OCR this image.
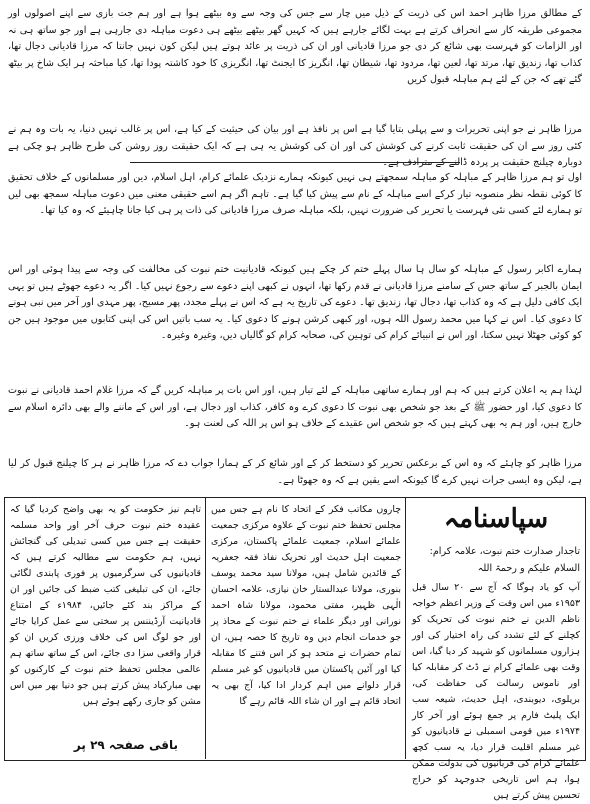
کے مطالق مرزا ظاہر احمد اس کی ذریت کے ذیل میں چار سے جس کی وجہ سے وہ بیٹھے ہوا ہے اور ہم جت بازی سے اپنے اصولوں اور مجموعی طریقہ کار سے انحراف کرتے ہے بہت لگائے جارہے ہیں کہ کہیں گھر بیٹھے بیٹھے ہی دعوت مباہلہ دی جارہی ہے اور جو ساتھ ہی نہ اور الزامات کو فہرست بھی شائع کر دی جو مرزا قادیانی اور ان کی ذریت پر عائد ہوتے ہیں لیکن کون نہیں جانتا کہ مرزا قادیانی دجال تھا، کذاب تھا، زندیق تھا، مرتد تھا، لعین تھا، مردود تھا، شیطان تھا، انگریز کا ایجنٹ تھا، انگریزی کا خود کاشتہ پودا تھا، کیا مباحثہ ہر ایک شاخ پر بیٹھ گئے تھے کہ جن کے لئے ہم مباہلہ قبول کریں
مرزا ظاہر نے جو اپنی تحریرات و سے پہلی بتایا گیا ہے اس پر نافذ ہے اور بیان کی حیثیت کے کیا ہے، اس پر غالب نہیں دنیا، یہ بات وہ ہم نے کئی روز سے ان کی حقیقت ثابت کرنے کی کوشش کی اور ان کی کوشش یہ ہی ہے کہ ایک حقیقت روز روشن کی طرح ظاہر ہو چکی ہے دوبارہ چیلنج حقیقت پر پردہ ڈالنے کے مترادف ہے۔
اول تو ہم مرزا ظاہر کے مباہلہ کو مباہلہ سمجھتے ہی نہیں کیونکہ ہمارے نزدیک علمائے کرام، اہل اسلام، دین اور مسلمانوں کے خلاف تحقیق کا کوئی نقطہ نظر منصوبہ تیار کرکے اسے مباہلہ کے نام سے پیش کیا گیا ہے۔ تاہم اگر ہم اسے حقیقی معنی میں دعوت مباہلہ سمجھ بھی لیں تو ہمارے لئے کسی نئی فہرست یا تحریر کی ضرورت نہیں، بلکہ مباہلہ صرف مرزا قادیانی کی ذات پر ہی کیا جانا چاہیئے کہ وہ کیا تھا۔
ہمارے اکابر رسول کے مباہلہ کو سال ہا سال پہلے ختم کر چکے ہیں کیونکہ قادیانیت ختم نبوت کی مخالفت کی وجہ سے پیدا ہوئی اور اس ایمان بالجبر کے ساتھ جس کے سامنے مرزا قادیانی نے قدم رکھا تھا، انہوں نے کبھی اپنے دعوے سے رجوع نہیں کیا۔ اگر یہ دعوے جھوٹے ہیں تو یہی ایک کافی دلیل ہے کہ وہ کذاب تھا، دجال تھا، زندیق تھا۔ دعوے کی تاریخ یہ ہے کہ اس نے پہلے مجدد، پھر مسیح، پھر مہدی اور آخر میں نبی ہونے کا دعوی کیا۔ اس نے کہا میں محمد رسول اللہ ہوں، اور کبھی کرشن ہونے کا دعوی کیا۔ یہ سب باتیں اس کی اپنی کتابوں میں موجود ہیں جن کو کوئی جھٹلا نہیں سکتا، اور اس نے انبیائے کرام کی توہین کی، صحابہ کرام کو گالیاں دیں، وغیرہ وغیرہ۔
لہٰذا ہم یہ اعلان کرتے ہیں کہ ہم اور ہمارے ساتھی مباہلہ کے لئے تیار ہیں، اور اس بات پر مباہلہ کریں گے کہ مرزا غلام احمد قادیانی نے نبوت کا دعوی کیا، اور حضور ﷺ کے بعد جو شخص بھی نبوت کا دعوی کرے وہ کافر، کذاب اور دجال ہے، اور اس کے ماننے والے بھی دائرہ اسلام سے خارج ہیں، اور ہم یہ بھی کہتے ہیں کہ جو شخص اس عقیدے کے خلاف ہو اس پر اللہ کی لعنت ہو۔
مرزا ظاہر کو چاہئے کہ وہ اس کے برعکس تحریر کو دستخط کر کے اور شائع کر کے ہمارا جواب دے کہ مرزا ظاہر نے ہر کا چیلنج قبول کر لیا ہے، لیکن وہ ایسی جرات نہیں کرے گا کیونکہ اسے یقین ہے کہ وہ جھوٹا ہے۔
سپاسنامہ
تاجدار صدارت ختم نبوت، علامہ کرام:
السلام علیکم و رحمۃ اللہ
آپ کو یاد ہوگا کہ آج سے ۲۰ سال قبل ۱۹۵۳ء میں اس وقت کے وزیر اعظم خواجہ ناظم الدین نے ختم نبوت کی تحریک کو کچلنے کے لئے تشدد کی راہ اختیار کی اور ہزاروں مسلمانوں کو شہید کر دیا گیا، اس وقت بھی علمائے کرام نے ڈٹ کر مقابلہ کیا اور ناموس رسالت کی حفاظت کی، بریلوی، دیوبندی، اہل حدیث، شیعہ سب ایک پلیٹ فارم پر جمع ہوئے اور آخر کار ۱۹۷۴ء میں قومی اسمبلی نے قادیانیوں کو غیر مسلم اقلیت قرار دیا، یہ سب کچھ علمائے کرام کی قربانیوں کی بدولت ممکن ہوا، ہم اس تاریخی جدوجہد کو خراج تحسین پیش کرتے ہیں
چاروں مکاتب فکر کے اتحاد کا نام ہے جس میں مجلس تحفظ ختم نبوت کے علاوہ مرکزی جمعیت علمائے اسلام، جمعیت علمائے پاکستان، مرکزی جمعیت اہل حدیث اور تحریک نفاذ فقہ جعفریہ کے قائدین شامل ہیں، مولانا سید محمد یوسف بنوری، مولانا عبدالستار خان نیازی، علامہ احسان الٰہی ظہیر، مفتی محمود، مولانا شاہ احمد نورانی اور دیگر علماء نے ختم نبوت کے محاذ پر جو خدمات انجام دیں وہ تاریخ کا حصہ ہیں، ان تمام حضرات نے متحد ہو کر اس فتنے کا مقابلہ کیا اور آئین پاکستان میں قادیانیوں کو غیر مسلم قرار دلوانے میں اہم کردار ادا کیا، آج بھی یہ اتحاد قائم ہے اور ان شاء اللہ قائم رہے گا
تاہم نیز حکومت کو یہ بھی واضح کردیا گیا کہ عقیدہ ختم نبوت حرف آخر اور واحد مسلمہ حقیقت ہے جس میں کسی تبدیلی کی گنجائش نہیں، ہم حکومت سے مطالبہ کرتے ہیں کہ قادیانیوں کی سرگرمیوں پر فوری پابندی لگائی جائے، ان کی تبلیغی کتب ضبط کی جائیں اور ان کے مراکز بند کئے جائیں، ۱۹۸۴ء کے امتناع قادیانیت آرڈیننس پر سختی سے عمل کرایا جائے اور جو لوگ اس کی خلاف ورزی کریں ان کو قرار واقعی سزا دی جائے، اس کے ساتھ ساتھ ہم عالمی مجلس تحفظ ختم نبوت کے کارکنوں کو بھی مبارکباد پیش کرتے ہیں جو دنیا بھر میں اس مشن کو جاری رکھے ہوئے ہیں
باقی صفحہ ۲۹ پر
